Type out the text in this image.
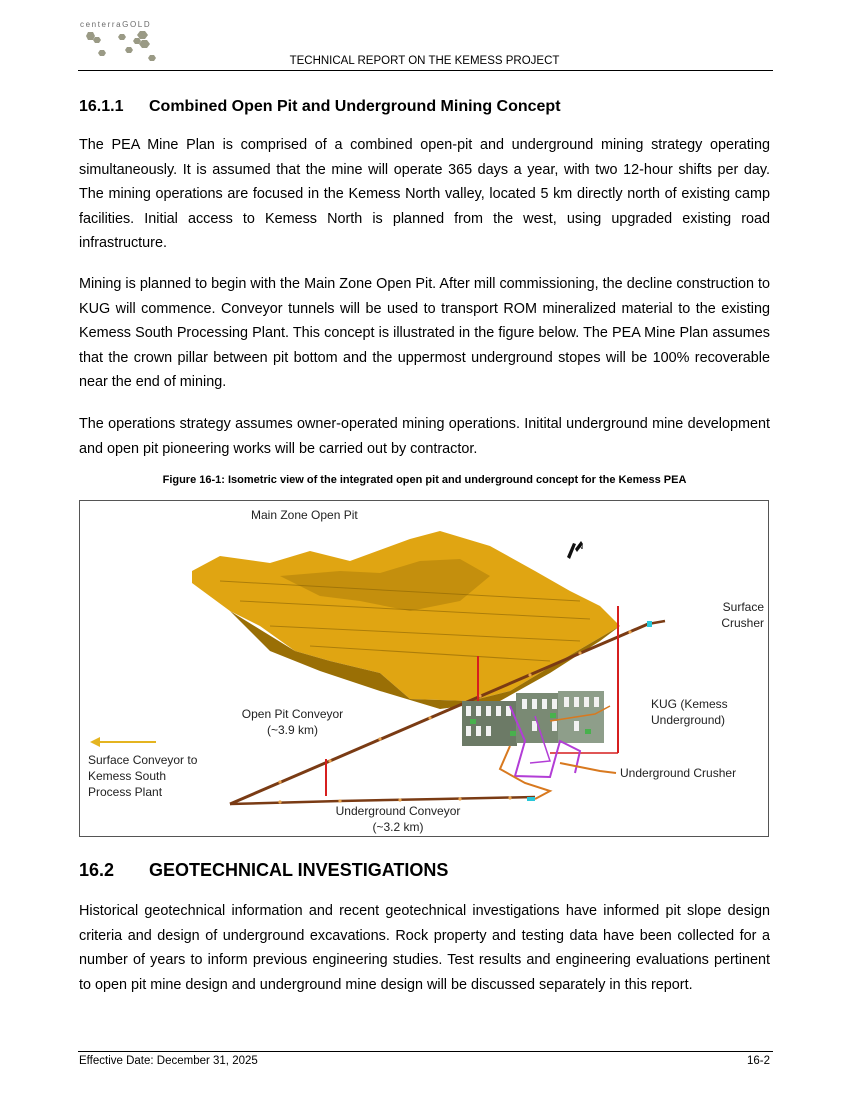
centerraGOLD
TECHNICAL REPORT ON THE KEMESS PROJECT
16.1.1 Combined Open Pit and Underground Mining Concept

The PEA Mine Plan is comprised of a combined open-pit and underground mining strategy operating simultaneously. It is assumed that the mine will operate 365 days a year, with two 12-hour shifts per day. The mining operations are focused in the Kemess North valley, located 5 km directly north of existing camp facilities. Initial access to Kemess North is planned from the west, using upgraded existing road infrastructure.

Mining is planned to begin with the Main Zone Open Pit. After mill commissioning, the decline construction to KUG will commence. Conveyor tunnels will be used to transport ROM mineralized material to the existing Kemess South Processing Plant. This concept is illustrated in the figure below. The PEA Mine Plan assumes that the crown pillar between pit bottom and the uppermost underground stopes will be 100% recoverable near the end of mining.

The operations strategy assumes owner-operated mining operations. Initital underground mine development and open pit pioneering works will be carried out by contractor.

Figure 16-1: Isometric view of the integrated open pit and underground concept for the Kemess PEA
N
Main Zone Open Pit
Surface Crusher
KUG (Kemess Underground)
Open Pit Conveyor (~3.9 km)
Surface Conveyor to Kemess South Process Plant
Underground Crusher
Underground Conveyor (~3.2 km)
16.2 GEOTECHNICAL INVESTIGATIONS

Historical geotechnical information and recent geotechnical investigations have informed pit slope design criteria and design of underground excavations. Rock property and testing data have been collected for a number of years to inform previous engineering studies. Test results and engineering evaluations pertinent to open pit mine design and underground mine design will be discussed separately in this report.

Effective Date: December 31, 2025	16-2
